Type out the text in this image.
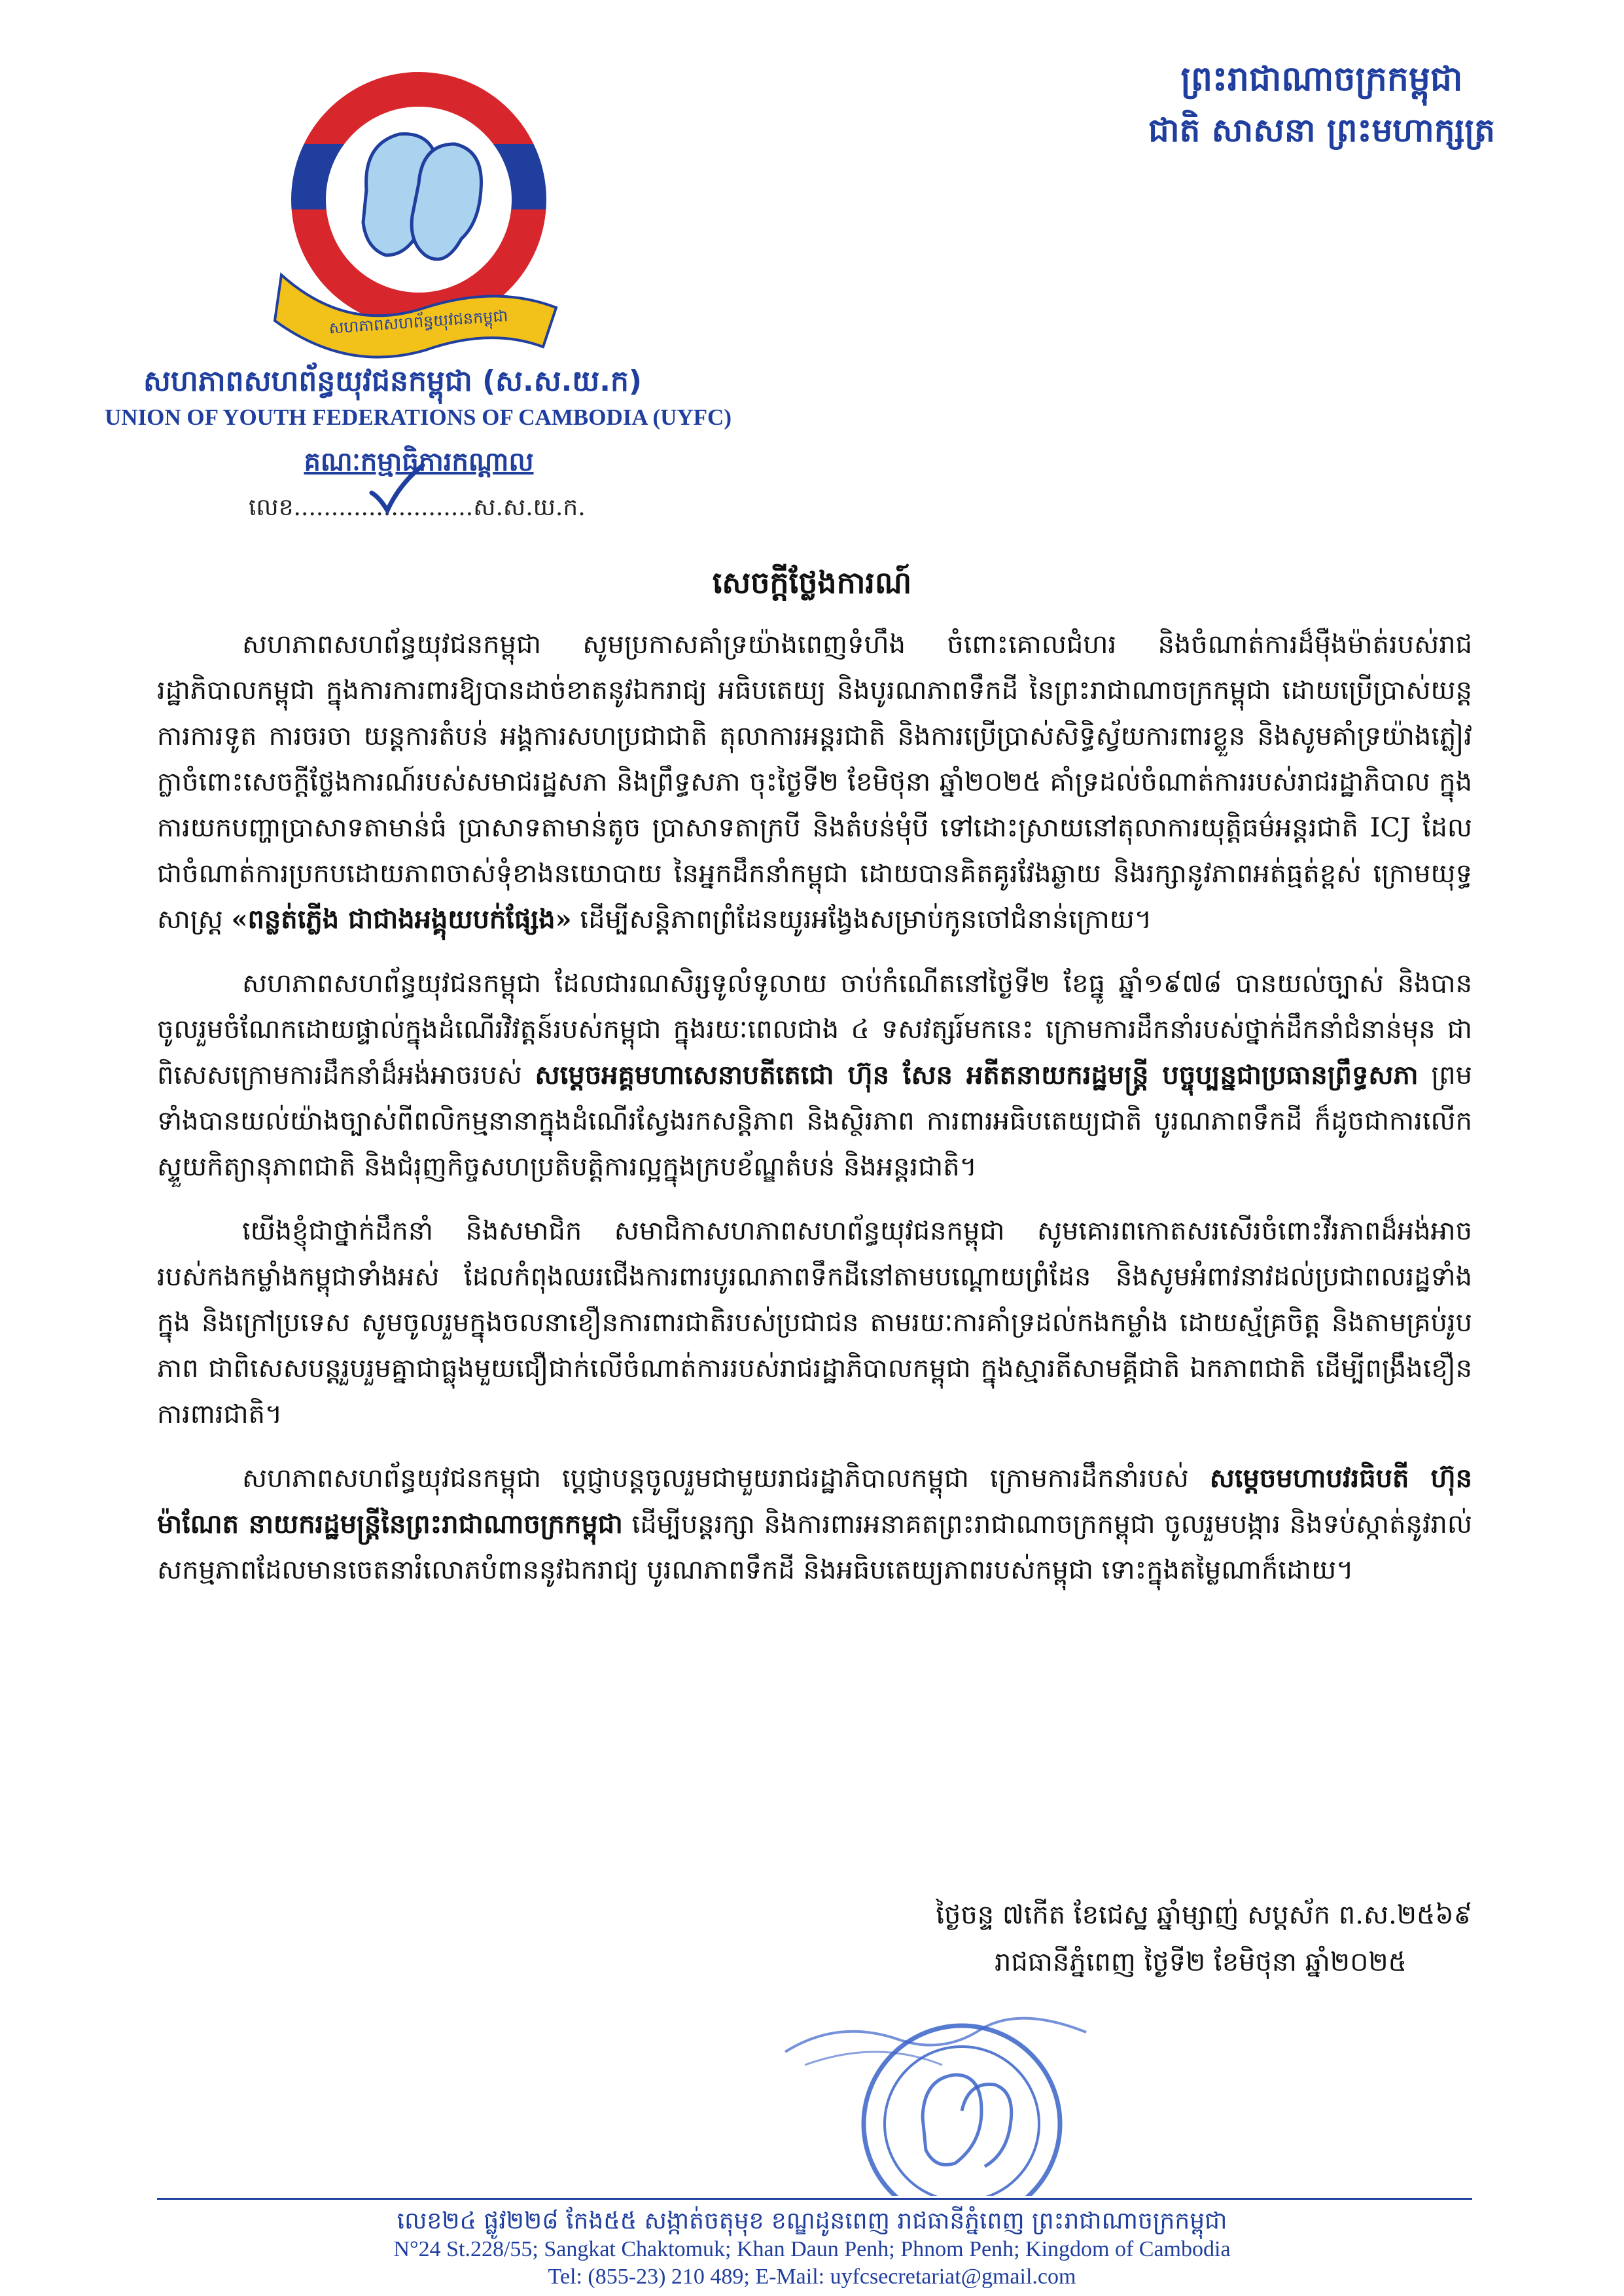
សហភាពសហព័ន្ធយុវជនកម្ពុជា
សហភាពសហព័ន្ធយុវជនកម្ពុជា (ស.ស.យ.ក)
UNION OF YOUTH FEDERATIONS OF CAMBODIA (UYFC)
គណៈកម្មាធិការកណ្តាល
លេខ........................ស.ស.យ.ក.
ព្រះរាជាណាចក្រកម្ពុជា
ជាតិ សាសនា ព្រះមហាក្សត្រ
សេចក្តីថ្លែងការណ៍

សហភាពសហព័ន្ធយុវជនកម្ពុជា សូមប្រកាសគាំទ្រយ៉ាងពេញទំហឹង ចំពោះគោលជំហរ និងចំណាត់ការដ៏ម៉ឺងម៉ាត់របស់រាជរដ្ឋាភិបាលកម្ពុជា ក្នុងការការពារឱ្យបានដាច់ខាតនូវឯករាជ្យ អធិបតេយ្យ និងបូរណភាពទឹកដី នៃព្រះរាជាណាចក្រកម្ពុជា ដោយប្រើប្រាស់យន្តការការទូត ការចរចា យន្តការតំបន់ អង្គការសហប្រជាជាតិ តុលាការអន្តរជាតិ និងការប្រើប្រាស់សិទ្ធិស្វ័យការពារខ្លួន និងសូមគាំទ្រយ៉ាងភ្លៀវក្លាចំពោះសេចក្តីថ្លែងការណ៍របស់សមាជរដ្ឋសភា និងព្រឹទ្ធសភា ចុះថ្ងៃទី២ ខែមិថុនា ឆ្នាំ២០២៥ គាំទ្រដល់ចំណាត់ការរបស់រាជរដ្ឋាភិបាល ក្នុងការយកបញ្ហាប្រាសាទតាមាន់ធំ ប្រាសាទតាមាន់តូច ប្រាសាទតាក្របី និងតំបន់មុំបី ទៅដោះស្រាយនៅតុលាការយុត្តិធម៌អន្តរជាតិ ICJ ដែលជាចំណាត់ការប្រកបដោយភាពចាស់ទុំខាងនយោបាយ នៃអ្នកដឹកនាំកម្ពុជា ដោយបានគិតគូរវែងឆ្ងាយ និងរក្សានូវភាពអត់ធ្មត់ខ្ពស់ ក្រោមយុទ្ធសាស្ត្រ «ពន្លត់ភ្លើង ជាជាងអង្គុយបក់ផ្សែង» ដើម្បីសន្តិភាពព្រំដែនយូរអង្វែងសម្រាប់កូនចៅជំនាន់ក្រោយ។

សហភាពសហព័ន្ធយុវជនកម្ពុជា ដែលជារណសិរ្សទូលំទូលាយ ចាប់កំណើតនៅថ្ងៃទី២ ខែធ្នូ ឆ្នាំ១៩៧៨ បានយល់ច្បាស់ និងបានចូលរួមចំណែកដោយផ្ទាល់ក្នុងដំណើរវិវត្តន៍របស់កម្ពុជា ក្នុងរយៈពេលជាង ៤ ទសវត្សរ៍មកនេះ ក្រោមការដឹកនាំរបស់ថ្នាក់ដឹកនាំជំនាន់មុន ជាពិសេសក្រោមការដឹកនាំដ៏អង់អាចរបស់ សម្តេចអគ្គមហាសេនាបតីតេជោ ហ៊ុន សែន អតីតនាយករដ្ឋមន្ត្រី បច្ចុប្បន្នជាប្រធានព្រឹទ្ធសភា ព្រមទាំងបានយល់យ៉ាងច្បាស់ពីពលិកម្មនានាក្នុងដំណើរស្វែងរកសន្តិភាព និងស្ថិរភាព ការពារអធិបតេយ្យជាតិ បូរណភាពទឹកដី ក៏ដូចជាការលើកស្ទួយកិត្យានុភាពជាតិ និងជំរុញកិច្ចសហប្រតិបត្តិការល្អក្នុងក្របខ័ណ្ឌតំបន់ និងអន្តរជាតិ។

យើងខ្ញុំជាថ្នាក់ដឹកនាំ និងសមាជិក សមាជិកាសហភាពសហព័ន្ធយុវជនកម្ពុជា សូមគោរពកោតសរសើរចំពោះវីរភាពដ៏អង់អាចរបស់កងកម្លាំងកម្ពុជាទាំងអស់ ដែលកំពុងឈរជើងការពារបូរណភាពទឹកដីនៅតាមបណ្តោយព្រំដែន និងសូមអំពាវនាវដល់ប្រជាពលរដ្ឋទាំងក្នុង និងក្រៅប្រទេស សូមចូលរួមក្នុងចលនាខឿនការពារជាតិរបស់ប្រជាជន តាមរយៈការគាំទ្រដល់កងកម្លាំង ដោយស្ម័គ្រចិត្ត និងតាមគ្រប់រូបភាព ជាពិសេសបន្តរួបរួមគ្នាជាធ្លុងមួយជឿជាក់លើចំណាត់ការរបស់រាជរដ្ឋាភិបាលកម្ពុជា ក្នុងស្មារតីសាមគ្គីជាតិ ឯកភាពជាតិ ដើម្បីពង្រឹងខឿនការពារជាតិ។

សហភាពសហព័ន្ធយុវជនកម្ពុជា ប្តេជ្ញាបន្តចូលរួមជាមួយរាជរដ្ឋាភិបាលកម្ពុជា ក្រោមការដឹកនាំរបស់ សម្តេចមហាបវរធិបតី ហ៊ុន ម៉ាណែត នាយករដ្ឋមន្ត្រីនៃព្រះរាជាណាចក្រកម្ពុជា ដើម្បីបន្តរក្សា និងការពារអនាគតព្រះរាជាណាចក្រកម្ពុជា ចូលរួមបង្ការ និងទប់ស្កាត់នូវរាល់សកម្មភាពដែលមានចេតនារំលោភបំពាននូវឯករាជ្យ បូរណភាពទឹកដី និងអធិបតេយ្យភាពរបស់កម្ពុជា ទោះក្នុងតម្លៃណាក៏ដោយ។

ថ្ងៃចន្ទ ៧កើត ខែជេស្ឋ ឆ្នាំម្សាញ់ សប្តស័ក ព.ស.២៥៦៩
រាជធានីភ្នំពេញ ថ្ងៃទី២ ខែមិថុនា ឆ្នាំ២០២៥
លេខ២៤ ផ្លូវ២២៨ កែង៥៥ សង្កាត់ចតុមុខ ខណ្ឌដូនពេញ រាជធានីភ្នំពេញ ព្រះរាជាណាចក្រកម្ពុជា
N°24 St.228/55; Sangkat Chaktomuk; Khan Daun Penh; Phnom Penh; Kingdom of Cambodia
Tel: (855-23) 210 489; E-Mail: uyfcsecretariat@gmail.com
